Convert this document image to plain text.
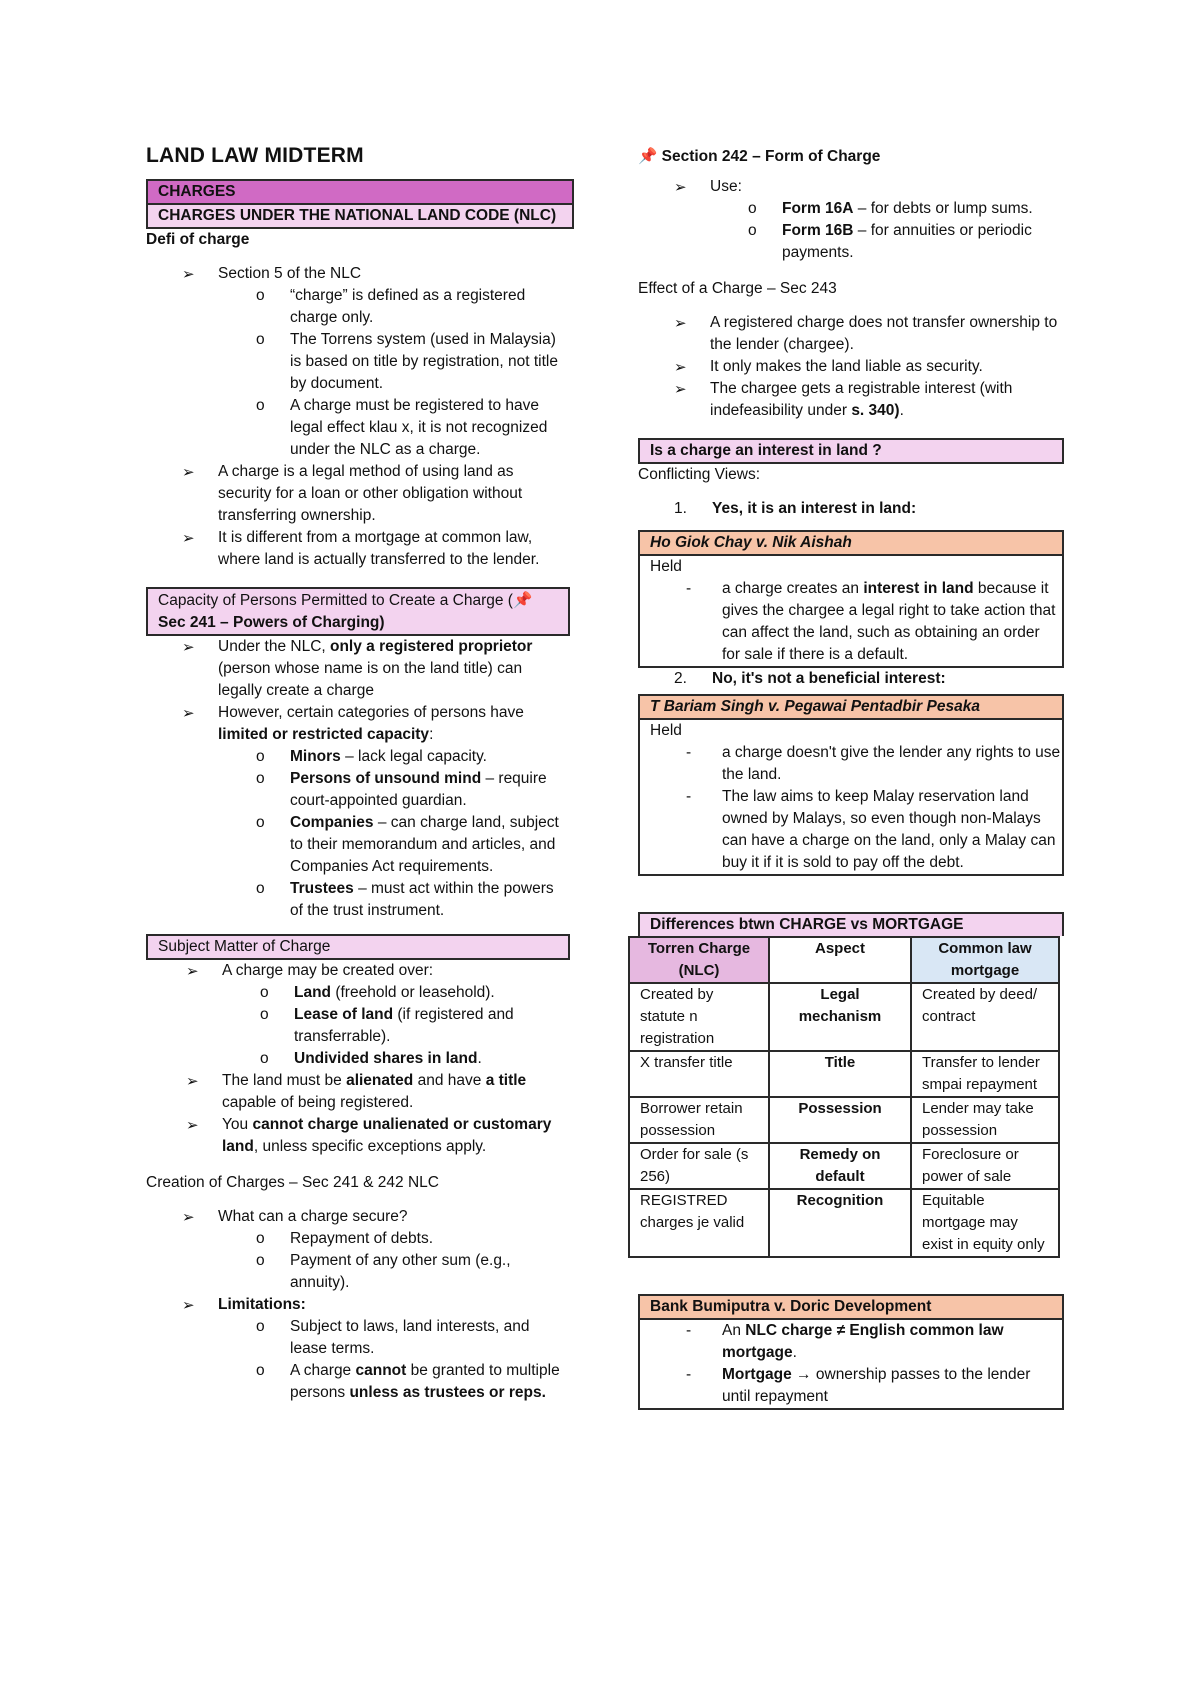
LAND LAW MIDTERM
CHARGES
CHARGES UNDER THE NATIONAL LAND CODE (NLC)
Defi of charge
➢ Section 5 of the NLC
o “charge” is defined as a registered charge only.
o The Torrens system (used in Malaysia) is based on title by registration, not title by document.
o A charge must be registered to have legal effect klau x, it is not recognized under the NLC as a charge.
➢ A charge is a legal method of using land as security for a loan or other obligation without transferring ownership.
➢ It is different from a mortgage at common law, where land is actually transferred to the lender.
Capacity of Persons Permitted to Create a Charge (📌
Sec 241 – Powers of Charging)
➢ Under the NLC, only a registered proprietor (person whose name is on the land title) can legally create a charge
➢ However, certain categories of persons have limited or restricted capacity:
o Minors – lack legal capacity.
o Persons of unsound mind – require court-appointed guardian.
o Companies – can charge land, subject to their memorandum and articles, and Companies Act requirements.
o Trustees – must act within the powers of the trust instrument.
Subject Matter of Charge
➢ A charge may be created over:
o Land (freehold or leasehold).
o Lease of land (if registered and transferrable).
o Undivided shares in land.
➢ The land must be alienated and have a title capable of being registered.
➢ You cannot charge unalienated or customary land, unless specific exceptions apply.
Creation of Charges – Sec 241 & 242 NLC
➢ What can a charge secure?
o Repayment of debts.
o Payment of any other sum (e.g., annuity).
➢ Limitations:
o Subject to laws, land interests, and lease terms.
o A charge cannot be granted to multiple persons unless as trustees or reps.
📌 Section 242 – Form of Charge
➢ Use:
o Form 16A – for debts or lump sums.
o Form 16B – for annuities or periodic payments.
Effect of a Charge – Sec 243
➢ A registered charge does not transfer ownership to the lender (chargee).
➢ It only makes the land liable as security.
➢ The chargee gets a registrable interest (with indefeasibility under s. 340).
Is a charge an interest in land ?
Conflicting Views:
1.	Yes, it is an interest in land:
Ho Giok Chay v. Nik Aishah
Held
- a charge creates an interest in land because it gives the chargee a legal right to take action that can affect the land, such as obtaining an order for sale if there is a default.
2.	No, it's not a beneficial interest:
T Bariam Singh v. Pegawai Pentadbir Pesaka
Held
- a charge doesn't give the lender any rights to use the land.
- The law aims to keep Malay reservation land owned by Malays, so even though non-Malays can have a charge on the land, only a Malay can buy it if it is sold to pay off the debt.
Differences btwn CHARGE vs MORTGAGE
Torren Charge (NLC)	Aspect	Common law mortgage
Created by statute n registration	Legal mechanism	Created by deed/ contract
X transfer title	Title	Transfer to lender smpai repayment
Borrower retain possession	Possession	Lender may take possession
Order for sale (s 256)	Remedy on default	Foreclosure or power of sale
REGISTRED charges je valid	Recognition	Equitable mortgage may exist in equity only
Bank Bumiputra v. Doric Development
- An NLC charge ≠ English common law mortgage.
- Mortgage → ownership passes to the lender until repayment
